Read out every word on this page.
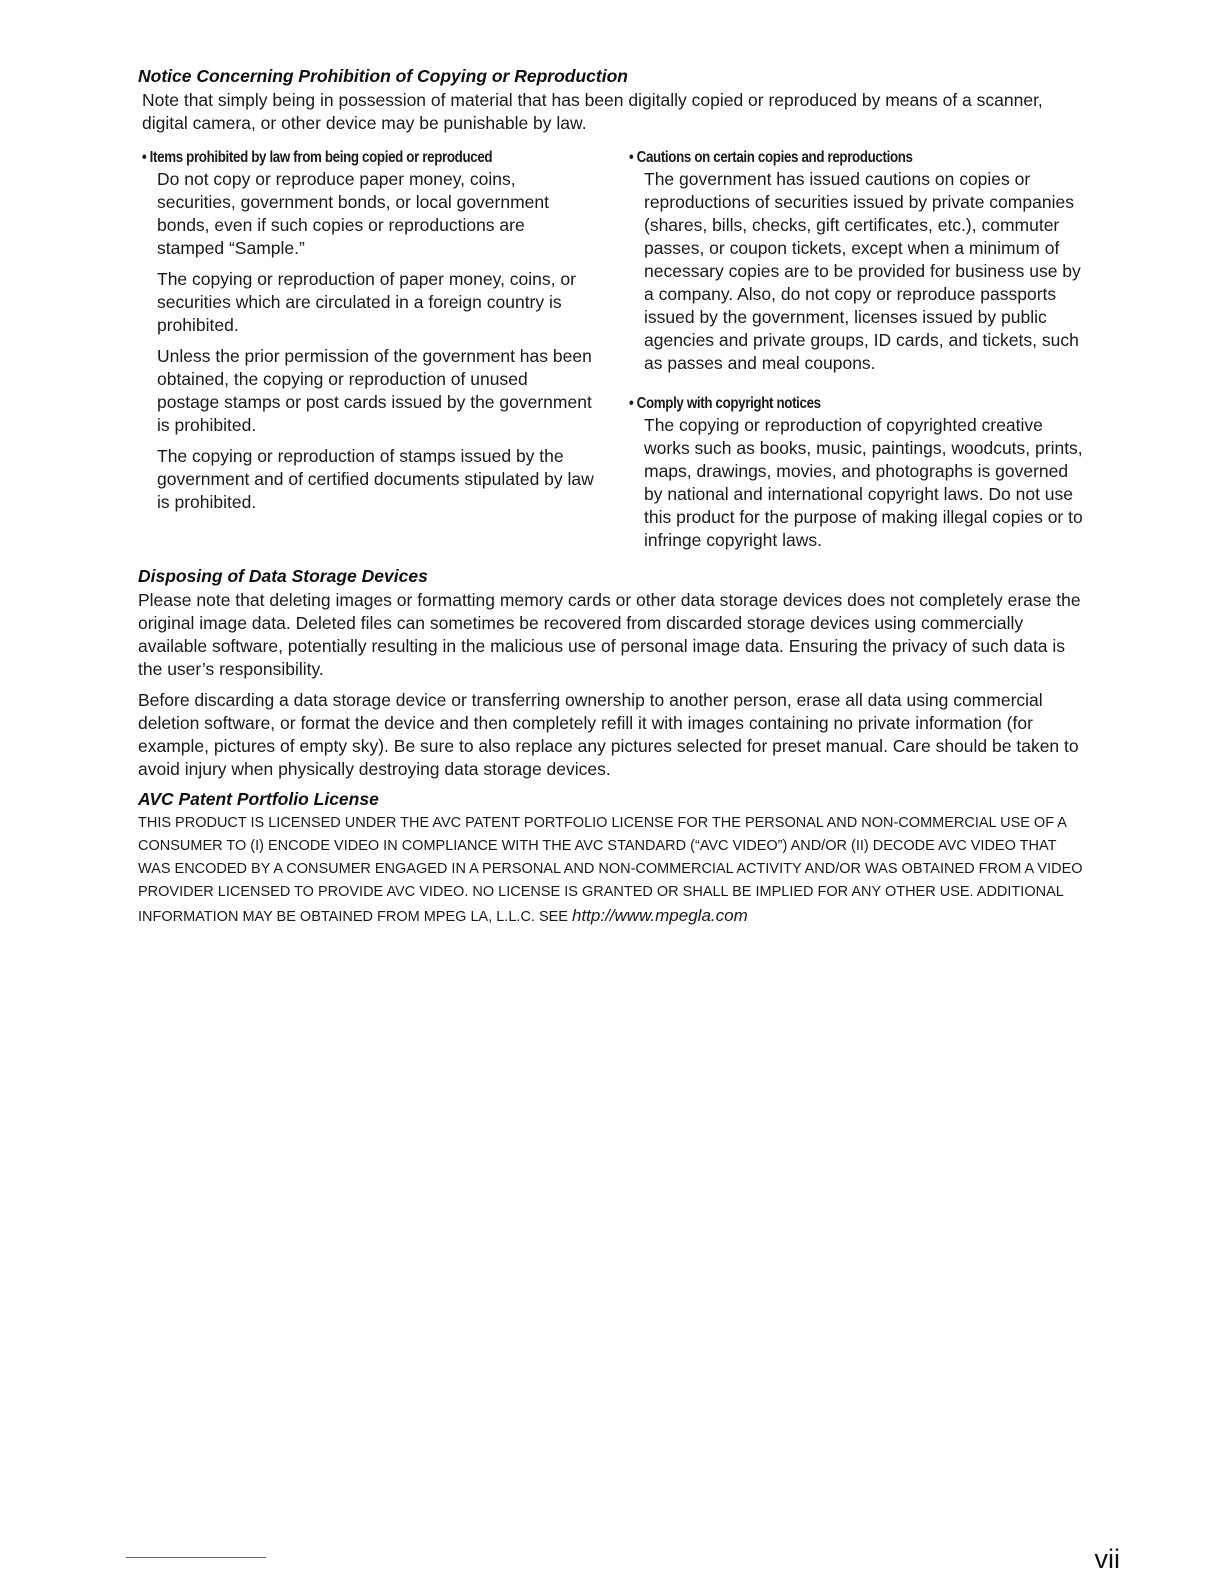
Notice Concerning Prohibition of Copying or Reproduction

Note that simply being in possession of material that has been digitally copied or reproduced by means of a scanner, digital camera, or other device may be punishable by law.

• Items prohibited by law from being copied or reproduced

Do not copy or reproduce paper money, coins, securities, government bonds, or local government bonds, even if such copies or reproductions are stamped “Sample.”

The copying or reproduction of paper money, coins, or securities which are circulated in a foreign country is prohibited.

Unless the prior permission of the government has been obtained, the copying or reproduction of unused postage stamps or post cards issued by the government is prohibited.

The copying or reproduction of stamps issued by the government and of certified documents stipulated by law is prohibited.

• Cautions on certain copies and reproductions

The government has issued cautions on copies or reproductions of securities issued by private companies (shares, bills, checks, gift certificates, etc.), commuter passes, or coupon tickets, except when a minimum of necessary copies are to be provided for business use by a company. Also, do not copy or reproduce passports issued by the government, licenses issued by public agencies and private groups, ID cards, and tickets, such as passes and meal coupons.

• Comply with copyright notices

The copying or reproduction of copyrighted creative works such as books, music, paintings, woodcuts, prints, maps, drawings, movies, and photographs is governed by national and international copyright laws. Do not use this product for the purpose of making illegal copies or to infringe copyright laws.

Disposing of Data Storage Devices

Please note that deleting images or formatting memory cards or other data storage devices does not completely erase the original image data. Deleted files can sometimes be recovered from discarded storage devices using commercially available software, potentially resulting in the malicious use of personal image data. Ensuring the privacy of such data is the user’s responsibility.

Before discarding a data storage device or transferring ownership to another person, erase all data using commercial deletion software, or format the device and then completely refill it with images containing no private information (for example, pictures of empty sky). Be sure to also replace any pictures selected for preset manual. Care should be taken to avoid injury when physically destroying data storage devices.

AVC Patent Portfolio License

THIS PRODUCT IS LICENSED UNDER THE AVC PATENT PORTFOLIO LICENSE FOR THE PERSONAL AND NON-COMMERCIAL USE OF A CONSUMER TO (I) ENCODE VIDEO IN COMPLIANCE WITH THE AVC STANDARD (“AVC VIDEO”) AND/OR (II) DECODE AVC VIDEO THAT WAS ENCODED BY A CONSUMER ENGAGED IN A PERSONAL AND NON-COMMERCIAL ACTIVITY AND/OR WAS OBTAINED FROM A VIDEO PROVIDER LICENSED TO PROVIDE AVC VIDEO. NO LICENSE IS GRANTED OR SHALL BE IMPLIED FOR ANY OTHER USE. ADDITIONAL INFORMATION MAY BE OBTAINED FROM MPEG LA, L.L.C. SEE http://www.mpegla.com

vii
